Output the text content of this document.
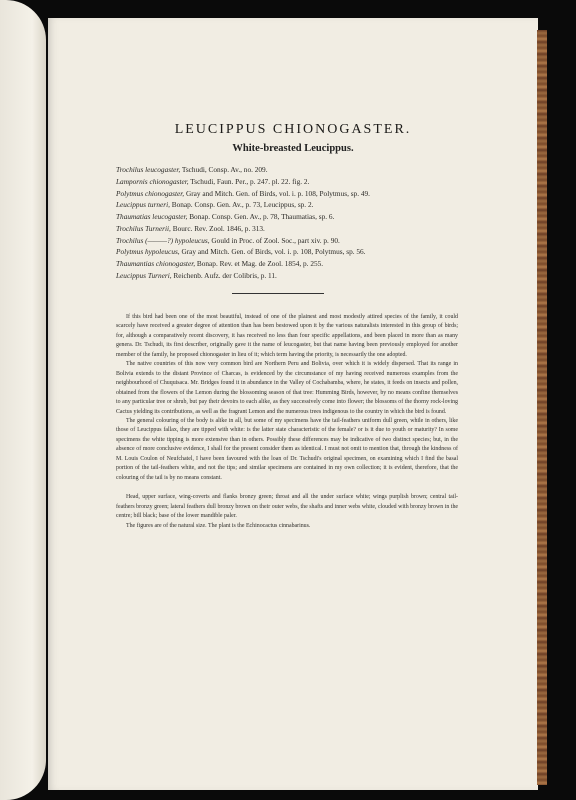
LEUCIPPUS CHIONOGASTER.
White-breasted Leucippus.
Trochilus leucogaster, Tschudi, Consp. Av., no. 209.
Lampornis chionogaster, Tschudi, Faun. Per., p. 247. pl. 22. fig. 2.
Polytmus chionogaster, Gray and Mitch. Gen. of Birds, vol. i. p. 108, Polytmus, sp. 49.
Leucippus turneri, Bonap. Consp. Gen. Av., p. 73, Leucippus, sp. 2.
Thaumatias leucogaster, Bonap. Consp. Gen. Av., p. 78, Thaumatias, sp. 6.
Trochilus Turnerii, Bourc. Rev. Zool. 1846, p. 313.
Trochilus (———?) hypoleucus, Gould in Proc. of Zool. Soc., part xiv. p. 90.
Polytmus hypoleucus, Gray and Mitch. Gen. of Birds, vol. i. p. 108, Polytmus, sp. 56.
Thaumantias chionogaster, Bonap. Rev. et Mag. de Zool. 1854, p. 255.
Leucippus Turneri, Reichenb. Aufz. der Colibris, p. 11.

If this bird had been one of the most beautiful, instead of one of the plainest and most modestly attired species of the family, it could scarcely have received a greater degree of attention than has been bestowed upon it by the various naturalists interested in this group of birds; for, although a comparatively recent discovery, it has received no less than four specific appellations, and been placed in more than as many genera. Dr. Tschudi, its first describer, originally gave it the name of leucogaster, but that name having been previously employed for another member of the family, he proposed chionogaster in lieu of it; which term having the priority, is necessarily the one adopted.

The native countries of this now very common bird are Northern Peru and Bolivia, over which it is widely dispersed. That its range in Bolivia extends to the distant Province of Charcas, is evidenced by the circumstance of my having received numerous examples from the neighbourhood of Chuquisaca. Mr. Bridges found it in abundance in the Valley of Cochabamba, where, he states, it feeds on insects and pollen, obtained from the flowers of the Lemon during the blossoming season of that tree: Humming Birds, however, by no means confine themselves to any particular tree or shrub, but pay their devoirs to each alike, as they successively come into flower; the blossoms of the thorny rock-loving Cactus yielding its contributions, as well as the fragrant Lemon and the numerous trees indigenous to the country in which the bird is found.

The general colouring of the body is alike in all, but some of my specimens have the tail-feathers uniform dull green, while in others, like those of Leucippus fallax, they are tipped with white: is the latter state characteristic of the female? or is it due to youth or maturity? In some specimens the white tipping is more extensive than in others. Possibly these differences may be indicative of two distinct species; but, in the absence of more conclusive evidence, I shall for the present consider them as identical. I must not omit to mention that, through the kindness of M. Louis Coulon of Neufchatel, I have been favoured with the loan of Dr. Tschudi's original specimen, on examining which I find the basal portion of the tail-feathers white, and not the tips; and similar specimens are contained in my own collection; it is evident, therefore, that the colouring of the tail is by no means constant.

Head, upper surface, wing-coverts and flanks bronzy green; throat and all the under surface white; wings purplish brown; central tail-feathers bronzy green; lateral feathers dull bronzy brown on their outer webs, the shafts and inner webs white, clouded with bronzy brown in the centre; bill black; base of the lower mandible paler.

The figures are of the natural size. The plant is the Echinocactus cinnabarinus.
